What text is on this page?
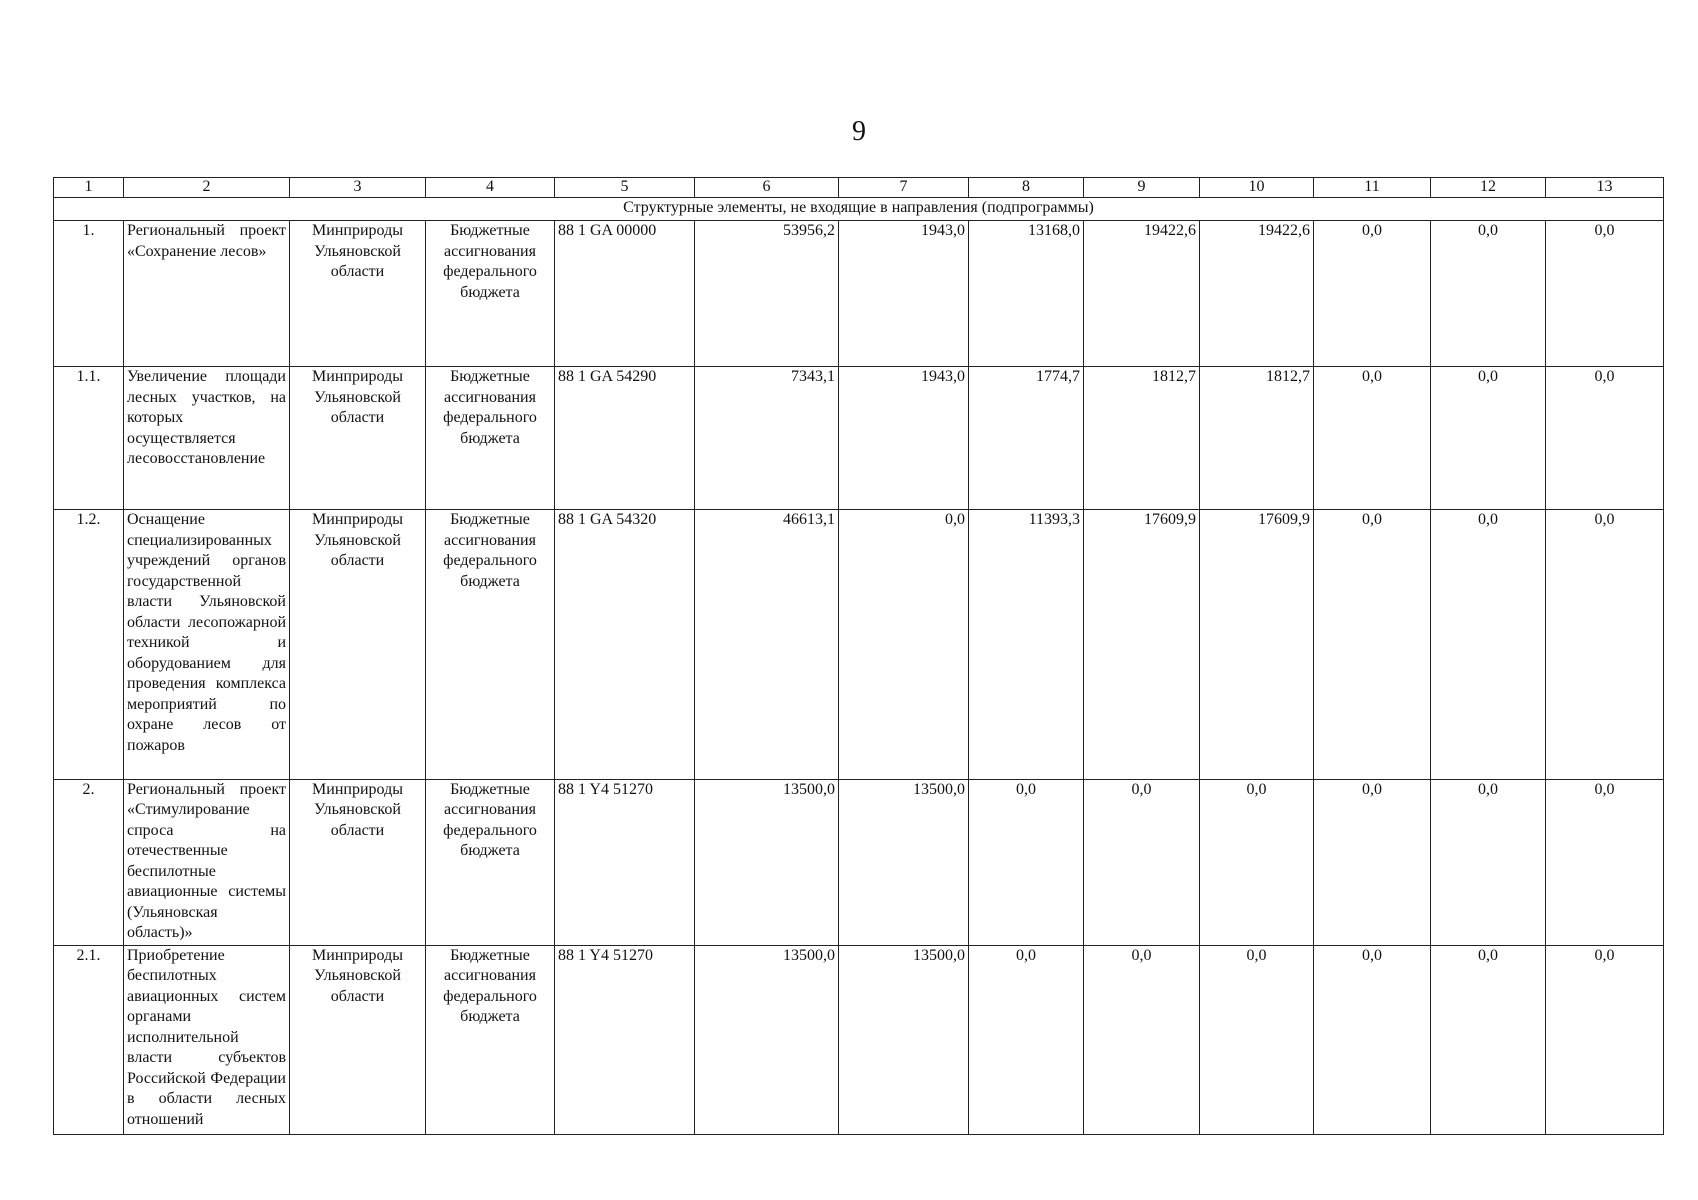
9
1	2	3	4	5	6	7	8	9	10	11	12	13
Структурные элементы, не входящие в направления (подпрограммы)												
1.	Региональный проект «Сохранение лесов»	Минприроды Ульяновской области	Бюджетные ассигнования федерального бюджета	88 1 GA 00000	53956,2	1943,0	13168,0	19422,6	19422,6	0,0	0,0	0,0
1.1.	Увеличение площади лесных участков, на которых осуществляется лесовосстановление	Минприроды Ульяновской области	Бюджетные ассигнования федерального бюджета	88 1 GA 54290	7343,1	1943,0	1774,7	1812,7	1812,7	0,0	0,0	0,0
1.2.	Оснащение специализированных учреждений органов государственной власти Ульяновской области лесопожарной техникой и оборудованием для проведения комплекса мероприятий по охране лесов от пожаров	Минприроды Ульяновской области	Бюджетные ассигнования федерального бюджета	88 1 GA 54320	46613,1	0,0	11393,3	17609,9	17609,9	0,0	0,0	0,0
2.	Региональный проект «Стимулирование спроса на отечественные беспилотные авиационные системы (Ульяновская область)»	Минприроды Ульяновской области	Бюджетные ассигнования федерального бюджета	88 1 Y4 51270	13500,0	13500,0	0,0	0,0	0,0	0,0	0,0	0,0
2.1.	Приобретение беспилотных авиационных систем органами исполнительной власти субъектов Российской Федерации в области лесных отношений	Минприроды Ульяновской области	Бюджетные ассигнования федерального бюджета	88 1 Y4 51270	13500,0	13500,0	0,0	0,0	0,0	0,0	0,0	0,0
